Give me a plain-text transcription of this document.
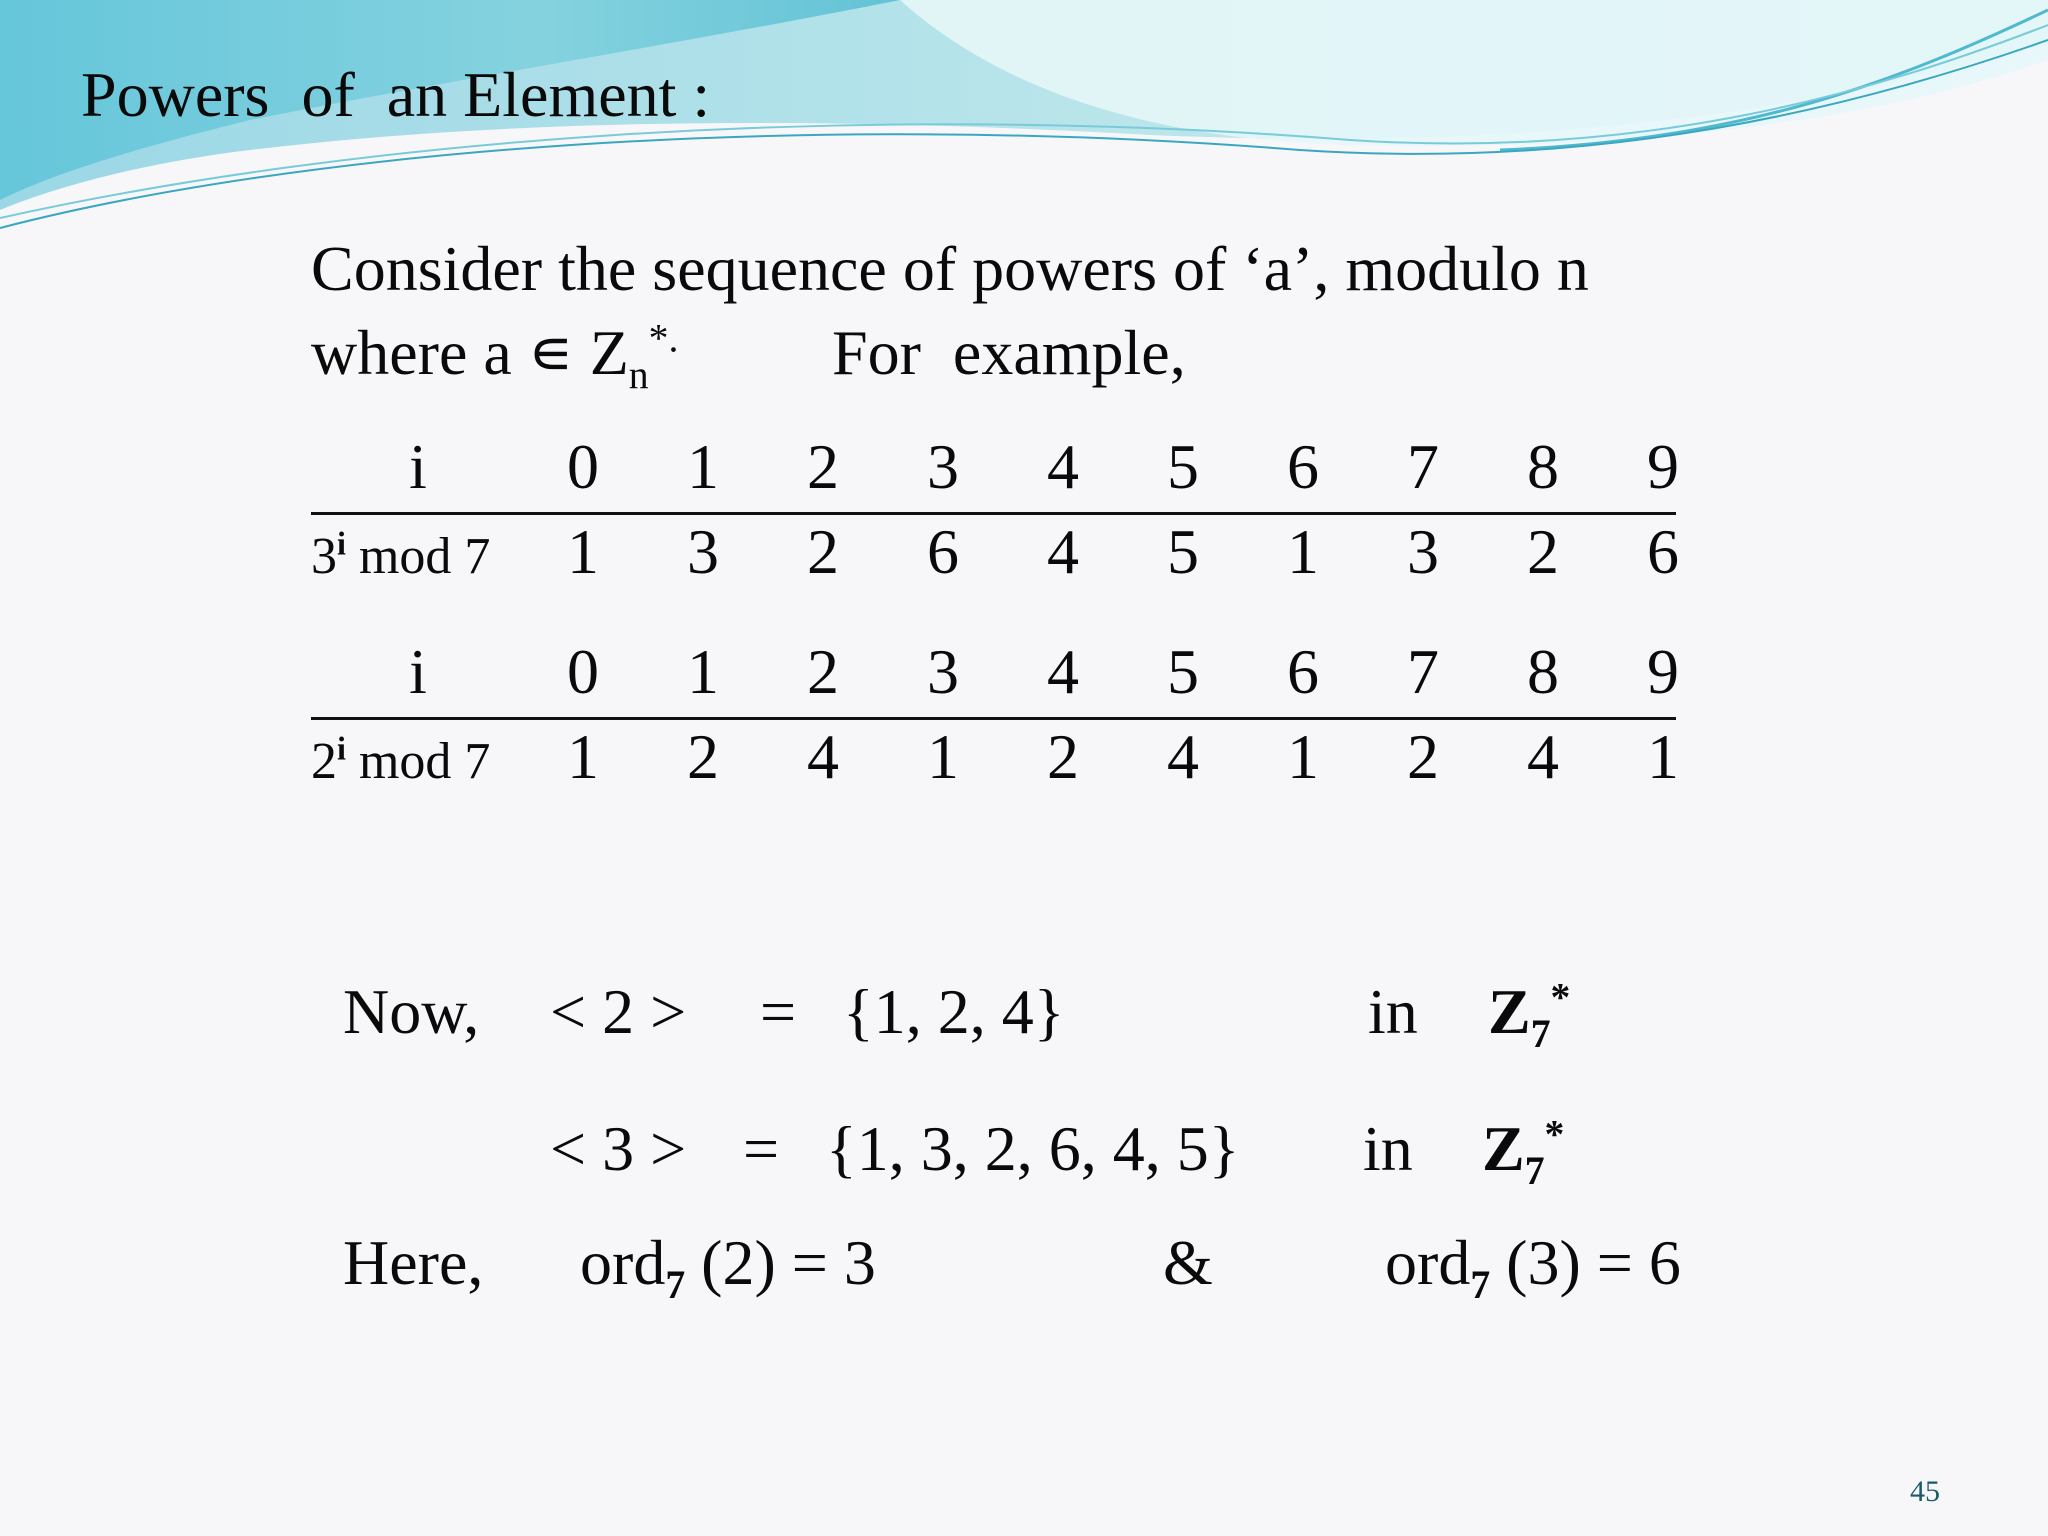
Powers  of  an Element :
Consider the sequence of powers of ‘a’, modulo n
where a ∊ $Z_n^{*.}$ For  example,
i 0 1 2 3 4 5 6 7 8 9
3$^i$ mod 7 1 3 2 6 4 5 1 3 2 6
i 0 1 2 3 4 5 6 7 8 9
2$^i$ mod 7 1 2 4 1 2 4 1 2 4 1
Now, < 2 > = {1, 2, 4}	in $Z_7^*$
< 3 > = {1, 3, 2, 6, 4, 5} in $Z_7^*$
Here, ord$_7$ (2) = 3	&	ord$_7$ (3) = 6
45
